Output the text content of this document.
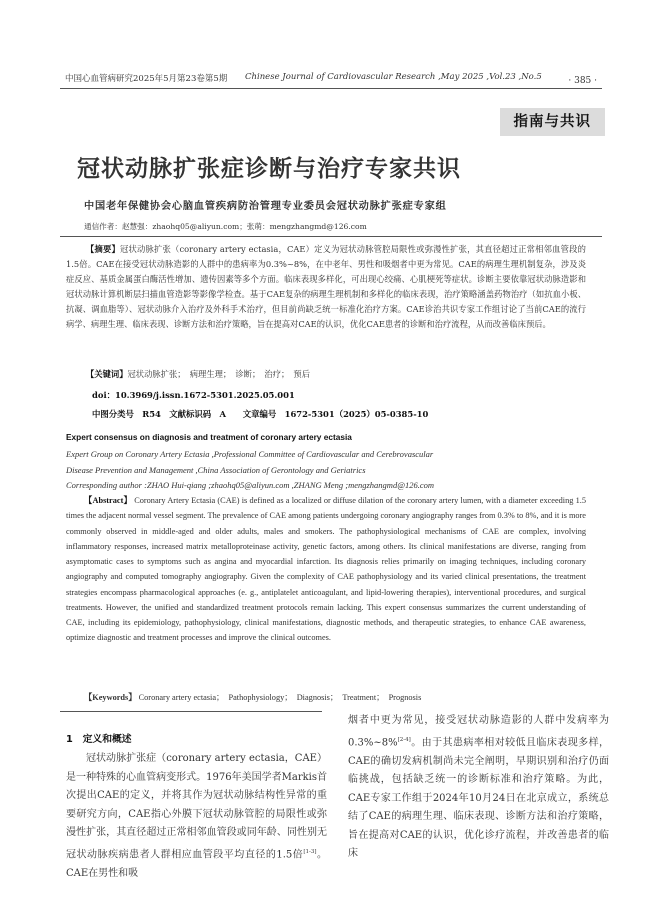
中国心血管病研究2025年5月第23卷第5期 Chinese Journal of Cardiovascular Research ,May 2025 ,Vol.23 ,No.5	· 385 ·
指南与共识
冠状动脉扩张症诊断与治疗专家共识
中国老年保健协会心脑血管疾病防治管理专业委员会冠状动脉扩张症专家组
通信作者：赵慧强：zhaohq05@aliyun.com；张萌：mengzhangmd@126.com
【摘要】冠状动脉扩张（coronary artery ectasia，CAE）定义为冠状动脉管腔局限性或弥漫性扩张，其直径超过正常相邻血管段的1.5倍。CAE在接受冠状动脉造影的人群中的患病率为0.3%~8%，在中老年、男性和吸烟者中更为常见。CAE的病理生理机制复杂，涉及炎症反应、基质金属蛋白酶活性增加、遗传因素等多个方面。临床表现多样化，可出现心绞痛、心肌梗死等症状。诊断主要依靠冠状动脉造影和冠状动脉计算机断层扫描血管造影等影像学检查。基于CAE复杂的病理生理机制和多样化的临床表现，治疗策略涵盖药物治疗（如抗血小板、抗凝、调血脂等）、冠状动脉介入治疗及外科手术治疗，但目前尚缺乏统一标准化治疗方案。CAE诊治共识专家工作组讨论了当前CAE的流行病学、病理生理、临床表现、诊断方法和治疗策略，旨在提高对CAE的认识，优化CAE患者的诊断和治疗流程，从而改善临床预后。
【关键词】冠状动脉扩张；　病理生理；　诊断；　治疗；　预后
doi：10.3969/j.issn.1672-5301.2025.05.001
中图分类号　R54　文献标识码　A　　文章编号　1672-5301（2025）05-0385-10
Expert consensus on diagnosis and treatment of coronary artery ectasia
Expert Group on Coronary Artery Ectasia ,Professional Committee of Cardiovascular and Cerebrovascular
Disease Prevention and Management ,China Association of Gerontology and Geriatrics
Corresponding author :ZHAO Hui-qiang ;zhaohq05@aliyun.com ,ZHANG Meng ;mengzhangmd@126.com
【Abstract】 Coronary Artery Ectasia (CAE) is defined as a localized or diffuse dilation of the coronary artery lumen, with a diameter exceeding 1.5 times the adjacent normal vessel segment. The prevalence of CAE among patients undergoing coronary angiography ranges from 0.3% to 8%, and it is more commonly observed in middle-aged and older adults, males and smokers. The pathophysiological mechanisms of CAE are complex, involving inflammatory responses, increased matrix metalloproteinase activity, genetic factors, among others. Its clinical manifestations are diverse, ranging from asymptomatic cases to symptoms such as angina and myocardial infarction. Its diagnosis relies primarily on imaging techniques, including coronary angiography and computed tomography angiography. Given the complexity of CAE pathophysiology and its varied clinical presentations, the treatment strategies encompass pharmacological approaches (e. g., antiplatelet anticoagulant, and lipid-lowering therapies), interventional procedures, and surgical treatments. However, the unified and standardized treatment protocols remain lacking. This expert consensus summarizes the current understanding of CAE, including its epidemiology, pathophysiology, clinical manifestations, diagnostic methods, and therapeutic strategies, to enhance CAE awareness, optimize diagnostic and treatment processes and improve the clinical outcomes.
【Keywords】 Coronary artery ectasia；　Pathophysiology；　Diagnosis；　Treatment；　Prognosis
1　定义和概述
冠状动脉扩张症（coronary artery ectasia，CAE）是一种特殊的心血管病变形式。1976年美国学者Markis首次提出CAE的定义，并将其作为冠状动脉结构性异常的重要研究方向，CAE指心外膜下冠状动脉管腔的局限性或弥漫性扩张，其直径超过正常相邻血管段或同年龄、同性别无冠状动脉疾病患者人群相应血管段平均直径的1.5倍[1-3]。CAE在男性和吸
烟者中更为常见，接受冠状动脉造影的人群中发病率为0.3%~8%[2-4]。由于其患病率相对较低且临床表现多样，CAE的确切发病机制尚未完全阐明，早期识别和治疗仍面临挑战，包括缺乏统一的诊断标准和治疗策略。为此，CAE专家工作组于2024年10月24日在北京成立，系统总结了CAE的病理生理、临床表现、诊断方法和治疗策略，旨在提高对CAE的认识，优化诊疗流程，并改善患者的临床
